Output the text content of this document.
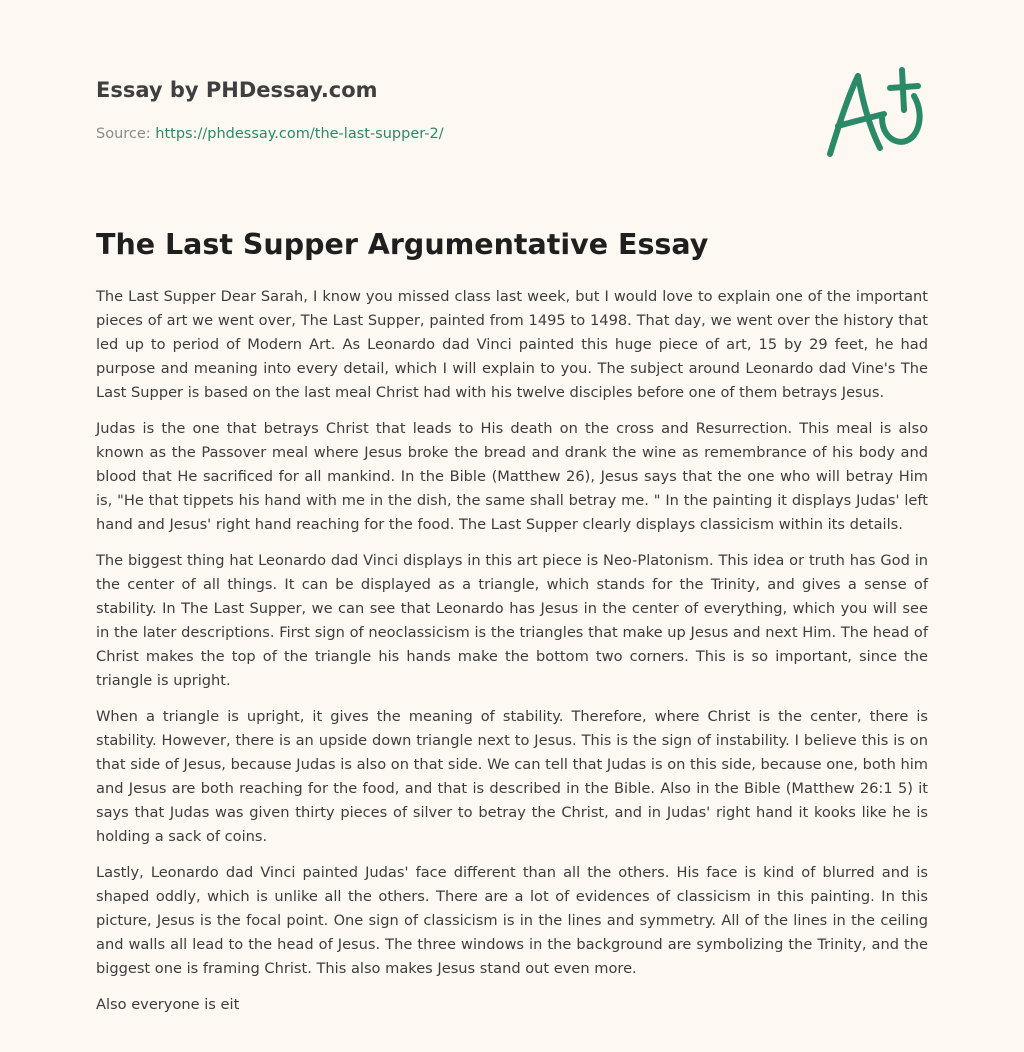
Essay by PHDessay.com
Source: https://phdessay.com/the-last-supper-2/
The Last Supper Argumentative Essay

The Last Supper Dear Sarah, I know you missed class last week, but I would love to explain one of the important pieces of art we went over, The Last Supper, painted from 1495 to 1498. That day, we went over the history that led up to period of Modern Art. As Leonardo dad Vinci painted this huge piece of art, 15 by 29 feet, he had purpose and meaning into every detail, which I will explain to you. The subject around Leonardo dad Vine's The Last Supper is based on the last meal Christ had with his twelve disciples before one of them betrays Jesus.

Judas is the one that betrays Christ that leads to His death on the cross and Resurrection. This meal is also known as the Passover meal where Jesus broke the bread and drank the wine as remembrance of his body and blood that He sacrificed for all mankind. In the Bible (Matthew 26), Jesus says that the one who will betray Him is, "He that tippets his hand with me in the dish, the same shall betray me. " In the painting it displays Judas' left hand and Jesus' right hand reaching for the food. The Last Supper clearly displays classicism within its details.

The biggest thing hat Leonardo dad Vinci displays in this art piece is Neo-Platonism. This idea or truth has God in the center of all things. It can be displayed as a triangle, which stands for the Trinity, and gives a sense of stability. In The Last Supper, we can see that Leonardo has Jesus in the center of everything, which you will see in the later descriptions. First sign of neoclassicism is the triangles that make up Jesus and next Him. The head of Christ makes the top of the triangle his hands make the bottom two corners. This is so important, since the triangle is upright.

When a triangle is upright, it gives the meaning of stability. Therefore, where Christ is the center, there is stability. However, there is an upside down triangle next to Jesus. This is the sign of instability. I believe this is on that side of Jesus, because Judas is also on that side. We can tell that Judas is on this side, because one, both him and Jesus are both reaching for the food, and that is described in the Bible. Also in the Bible (Matthew 26:1 5) it says that Judas was given thirty pieces of silver to betray the Christ, and in Judas' right hand it kooks like he is holding a sack of coins.

Lastly, Leonardo dad Vinci painted Judas' face different than all the others. His face is kind of blurred and is shaped oddly, which is unlike all the others. There are a lot of evidences of classicism in this painting. In this picture, Jesus is the focal point. One sign of classicism is in the lines and symmetry. All of the lines in the ceiling and walls all lead to the head of Jesus. The three windows in the background are symbolizing the Trinity, and the biggest one is framing Christ. This also makes Jesus stand out even more.

Also everyone is eit
